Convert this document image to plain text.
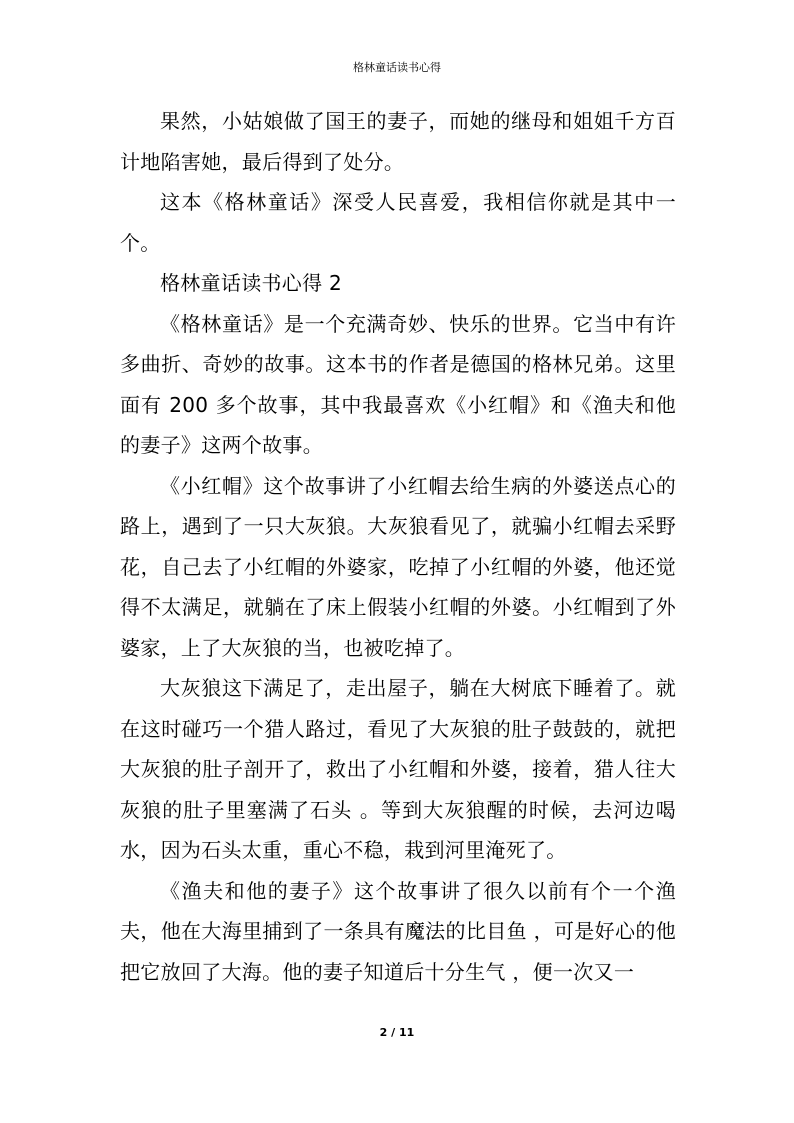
格林童话读书心得

果然，小姑娘做了国王的妻子，而她的继母和姐姐千方百计地陷害她，最后得到了处分。

这本《格林童话》深受人民喜爱，我相信你就是其中一个。

格林童话读书心得 2

《格林童话》是一个充满奇妙、快乐的世界。它当中有许多曲折、奇妙的故事。这本书的作者是德国的格林兄弟。这里面有 200 多个故事，其中我最喜欢《小红帽》和《渔夫和他的妻子》这两个故事。

《小红帽》这个故事讲了小红帽去给生病的外婆送点心的路上，遇到了一只大灰狼。大灰狼看见了，就骗小红帽去采野花，自己去了小红帽的外婆家，吃掉了小红帽的外婆，他还觉得不太满足，就躺在了床上假装小红帽的外婆。小红帽到了外婆家，上了大灰狼的当，也被吃掉了。

大灰狼这下满足了，走出屋子，躺在大树底下睡着了。就在这时碰巧一个猎人路过，看见了大灰狼的肚子鼓鼓的，就把大灰狼的肚子剖开了，救出了小红帽和外婆，接着，猎人往大灰狼的肚子里塞满了石头 。等到大灰狼醒的时候，去河边喝水，因为石头太重，重心不稳，栽到河里淹死了。

《渔夫和他的妻子》这个故事讲了很久以前有个一个渔夫，他在大海里捕到了一条具有魔法的比目鱼 ，可是好心的他把它放回了大海。他的妻子知道后十分生气 ，便一次又一

2 / 11
